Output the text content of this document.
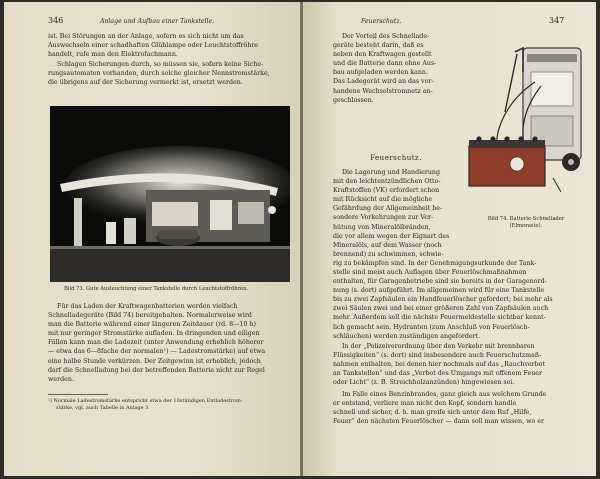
346	Anlage und Aufbau einer Tankstelle.

ist. Bei Störungen an der Anlage, sofern es sich nicht um das

Auswechseln einer schadhaften Glühlampe oder Leuchtstoffröhre

handelt, rufe man den Elektrofachmann.

Schlagen Sicherungen durch, so müssen sie, sofern keine Siche-

rungsautomaten vorhanden, durch solche gleicher Nennstromstärke,

die übrigens auf der Sicherung vermerkt ist, ersetzt werden.

Bild 73. Gute Ausleuchtung einer Tankstelle durch Leuchtstoffröhren.

Für das Laden der Kraftwagenbatterien werden vielfach

Schnelladegeräte (Bild 74) bereitgehalten. Normalerweise wird

man die Batterie während einer längeren Zeitdauer (rd. 8—10 h)

mit nur geringer Stromstärke aufladen. In dringenden und eiligen

Fällen kann man die Ladezeit (unter Anwendung erheblich höherer

— etwa das 6—8fache der normalen¹) — Ladestromstärke) auf etwa

eine halbe Stunde verkürzen. Der Zeitgewinn ist erheblich, jedoch

darf die Schnelladung bei der betreffenden Batterie nicht zur Regel

werden.

¹) Normale Ladestromstärke entspricht etwa der 10stündigen Entladestrom-
stärke, vgl. auch Tabelle in Anlage 3.
Feuerschutz.	347

Der Vorteil des Schnellade-

geräte besteht darin, daß es

neben den Kraftwagen gestellt

und die Batterie dann ohne Aus-

bau aufgeladen werden kann.

Das Ladegerät wird an das vor-

handene Wechselstromnetz an-

geschlossen.

Feuerschutz.

Die Lagerung und Handierung

mit den leichtentzündlichen Otto-

Kraftstoffen (VK) erfordert schon

mit Rücksicht auf die mögliche

Gefährdung der Allgemeinheit be-

sondere Vorkehrungen zur Ver-

hütung von Mineralölbränden,

die vor allem wegen der Eignart des

Mineralöls, auf dem Wasser (noch

brennend) zu schwimmen, schwie-

rig zu bekämpfen sind. In der Genehmigungsurkunde der Tank-

Bild 74. Batterie-Schnellader
(Elmoraste).

stelle sind meist auch Auflagen über Feuerlöschmaßnahmen

enthalten, für Garagenbetriebe sind sie bereits in der Garagenord-

nung (s. dort) aufgeführt. Im allgemeinen wird für eine Tankstelle

bis zu zwei Zapfsäulen ein Handfeuerlöscher gefordert; bei mehr als

zwei Säulen zwei und bei einer größeren Zahl von Zapfsäulen auch

mehr. Außerdem soll die nächste Feuermeldestelle sichtbar kennt-

lich gemacht sein. Hydranten (zum Anschluß von Feuerlösch-

schläuchen) werden zuständigen angefordert.

In der „Polizeiverordnung über den Verkehr mit brennbaren

Flüssigkeiten“ (s. dort) sind insbesondere auch Feuerschutzmaß-

nahmen enthalten, bei denen hier nochmals auf das „Rauchverbot

an Tankstellen“ und das „Verbot des Umgangs mit offenem Feuer

oder Licht“ (z. B. Streichholzanzünden) hingewiesen sei.

Im Falle eines Benzinbrandes, ganz gleich aus welchem Grunde

er entstand, verliere man nicht den Kopf, sondern handle

schnell und sicher, d. h. man greife sich unter dem Ruf „Hilfe,

Feuer“ den nächsten Feuerlöscher — dann soll man wissen, wo er
